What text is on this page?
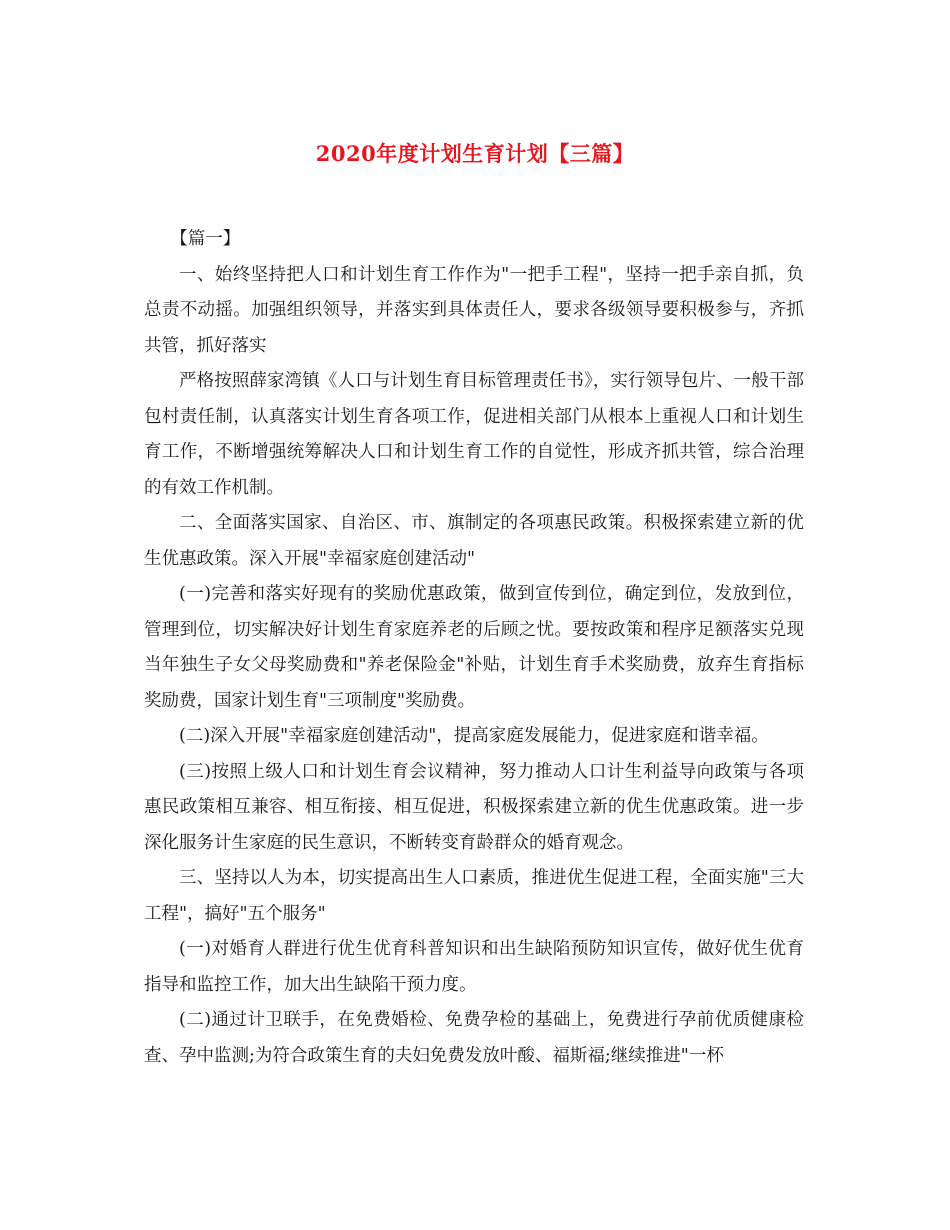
2020年度计划生育计划【三篇】

【篇一】

一、始终坚持把人口和计划生育工作作为"一把手工程"，坚持一把手亲自抓，负总责不动摇。加强组织领导，并落实到具体责任人，要求各级领导要积极参与，齐抓共管，抓好落实

严格按照薛家湾镇《人口与计划生育目标管理责任书》，实行领导包片、一般干部包村责任制，认真落实计划生育各项工作，促进相关部门从根本上重视人口和计划生育工作，不断增强统筹解决人口和计划生育工作的自觉性，形成齐抓共管，综合治理的有效工作机制。

二、全面落实国家、自治区、市、旗制定的各项惠民政策。积极探索建立新的优生优惠政策。深入开展"幸福家庭创建活动"

(一)完善和落实好现有的奖励优惠政策，做到宣传到位，确定到位，发放到位，管理到位，切实解决好计划生育家庭养老的后顾之忧。要按政策和程序足额落实兑现当年独生子女父母奖励费和"养老保险金"补贴，计划生育手术奖励费，放弃生育指标奖励费，国家计划生育"三项制度"奖励费。

(二)深入开展"幸福家庭创建活动"，提高家庭发展能力，促进家庭和谐幸福。

(三)按照上级人口和计划生育会议精神，努力推动人口计生利益导向政策与各项惠民政策相互兼容、相互衔接、相互促进，积极探索建立新的优生优惠政策。进一步深化服务计生家庭的民生意识，不断转变育龄群众的婚育观念。

三、坚持以人为本，切实提高出生人口素质，推进优生促进工程，全面实施"三大工程"，搞好"五个服务"

(一)对婚育人群进行优生优育科普知识和出生缺陷预防知识宣传，做好优生优育指导和监控工作，加大出生缺陷干预力度。

(二)通过计卫联手，在免费婚检、免费孕检的基础上，免费进行孕前优质健康检查、孕中监测;为符合政策生育的夫妇免费发放叶酸、福斯福;继续推进"一杯
